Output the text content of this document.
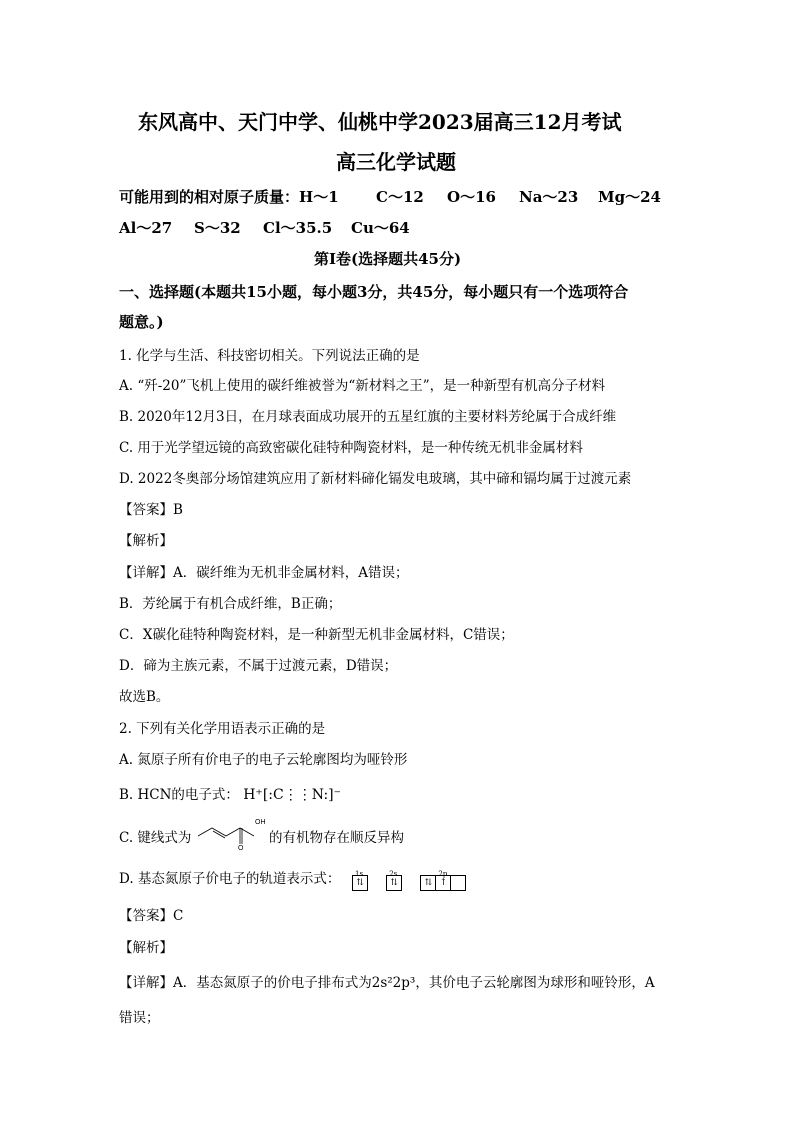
东风高中、天门中学、仙桃中学2023届高三12月考试
高三化学试题
可能用到的相对原子质量：H～1 C～12 O～16 Na～23 Mg～24
Al～27 S～32 Cl～35.5 Cu～64
第Ⅰ卷(选择题共45分)
一、选择题(本题共15小题，每小题3分，共45分，每小题只有一个选项符合
题意。)
1. 化学与生活、科技密切相关。下列说法正确的是
A. “歼-20”飞机上使用的碳纤维被誉为“新材料之王”，是一种新型有机高分子材料
B. 2020年12月3日，在月球表面成功展开的五星红旗的主要材料芳纶属于合成纤维
C. 用于光学望远镜的高致密碳化硅特种陶瓷材料，是一种传统无机非金属材料
D. 2022冬奥部分场馆建筑应用了新材料碲化镉发电玻璃，其中碲和镉均属于过渡元素
【答案】B
【解析】
【详解】A．碳纤维为无机非金属材料，A错误；
B．芳纶属于有机合成纤维，B正确；
C．X碳化硅特种陶瓷材料，是一种新型无机非金属材料，C错误；
D．碲为主族元素，不属于过渡元素，D错误；
故选B。
2. 下列有关化学用语表示正确的是
A. 氮原子所有价电子的电子云轮廓图均为哑铃形
B. HCN的电子式： H⁺[:C⋮⋮N:]⁻
C. 键线式为
OH
O
的有机物存在顺反异构
D. 基态氮原子价电子的轨道表示式： 1s
⇅
2s
⇅	⇅
2p
↑
【答案】C
【解析】
【详解】A．基态氮原子的价电子排布式为2s²2p³，其价电子云轮廓图为球形和哑铃形，A
错误；
